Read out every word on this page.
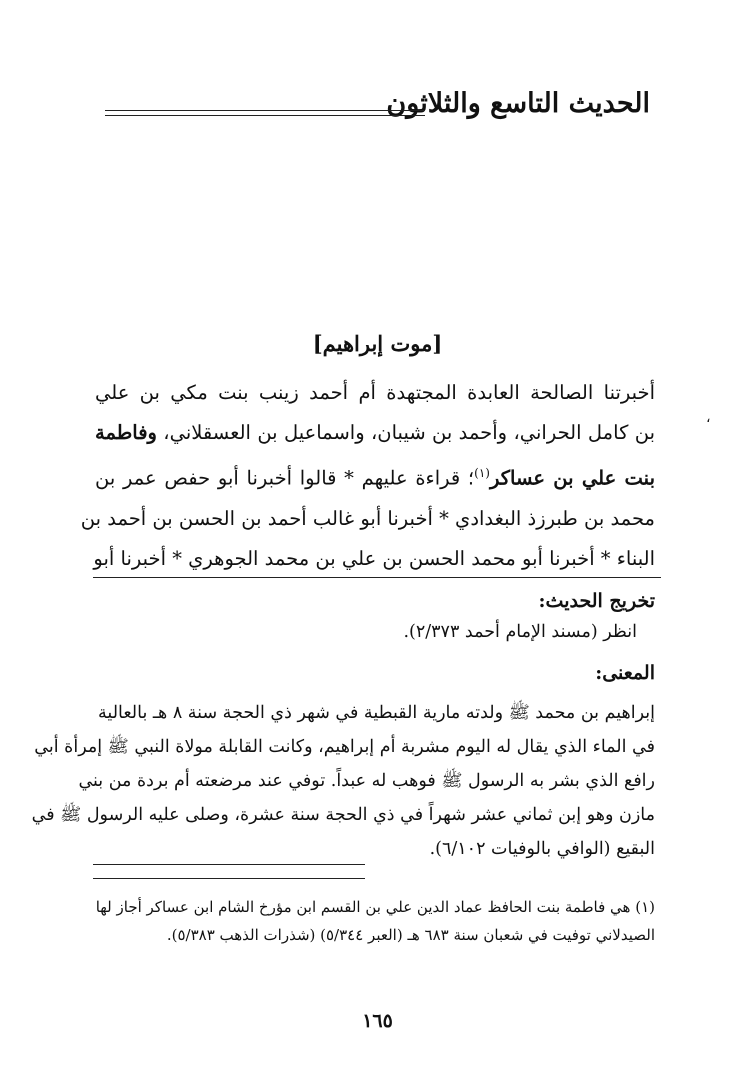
الحديث التاسع والثلاثون
،
[موت إبراهيم]
أخبرتنا الصالحة العابدة المجتهدة أم أحمد زينب بنت مكي بن علي
بن كامل الحراني، وأحمد بن شيبان، واسماعيل بن العسقلاني، وفاطمة
بنت علي بن عساكر$^{(١)}$؛ قراءة عليهم * قالوا أخبرنا أبو حفص عمر بن
محمد بن طبرزذ البغدادي * أخبرنا أبو غالب أحمد بن الحسن بن أحمد بن
البناء * أخبرنا أبو محمد الحسن بن علي بن محمد الجوهري * أخبرنا أبو
تخريج الحديث:
انظر (مسند الإمام أحمد ٢/٣٧٣).
المعنى:
إبراهيم بن محمد ﷺ ولدته مارية القبطية في شهر ذي الحجة سنة ٨ هـ بالعالية
في الماء الذي يقال له اليوم مشربة أم إبراهيم، وكانت القابلة مولاة النبي ﷺ إمرأة أبي
رافع الذي بشر به الرسول ﷺ فوهب له عبداً. توفي عند مرضعته أم بردة من بني
مازن وهو إبن ثماني عشر شهراً في ذي الحجة سنة عشرة، وصلى عليه الرسول ﷺ في
البقيع (الوافي بالوفيات ٦/١٠٢).
(١) هي فاطمة بنت الحافظ عماد الدين علي بن القسم ابن مؤرخ الشام ابن عساكر أجاز لها
الصيدلاني توفيت في شعبان سنة ٦٨٣ هـ (العبر ٥/٣٤٤) (شذرات الذهب ٥/٣٨٣).
١٦٥
